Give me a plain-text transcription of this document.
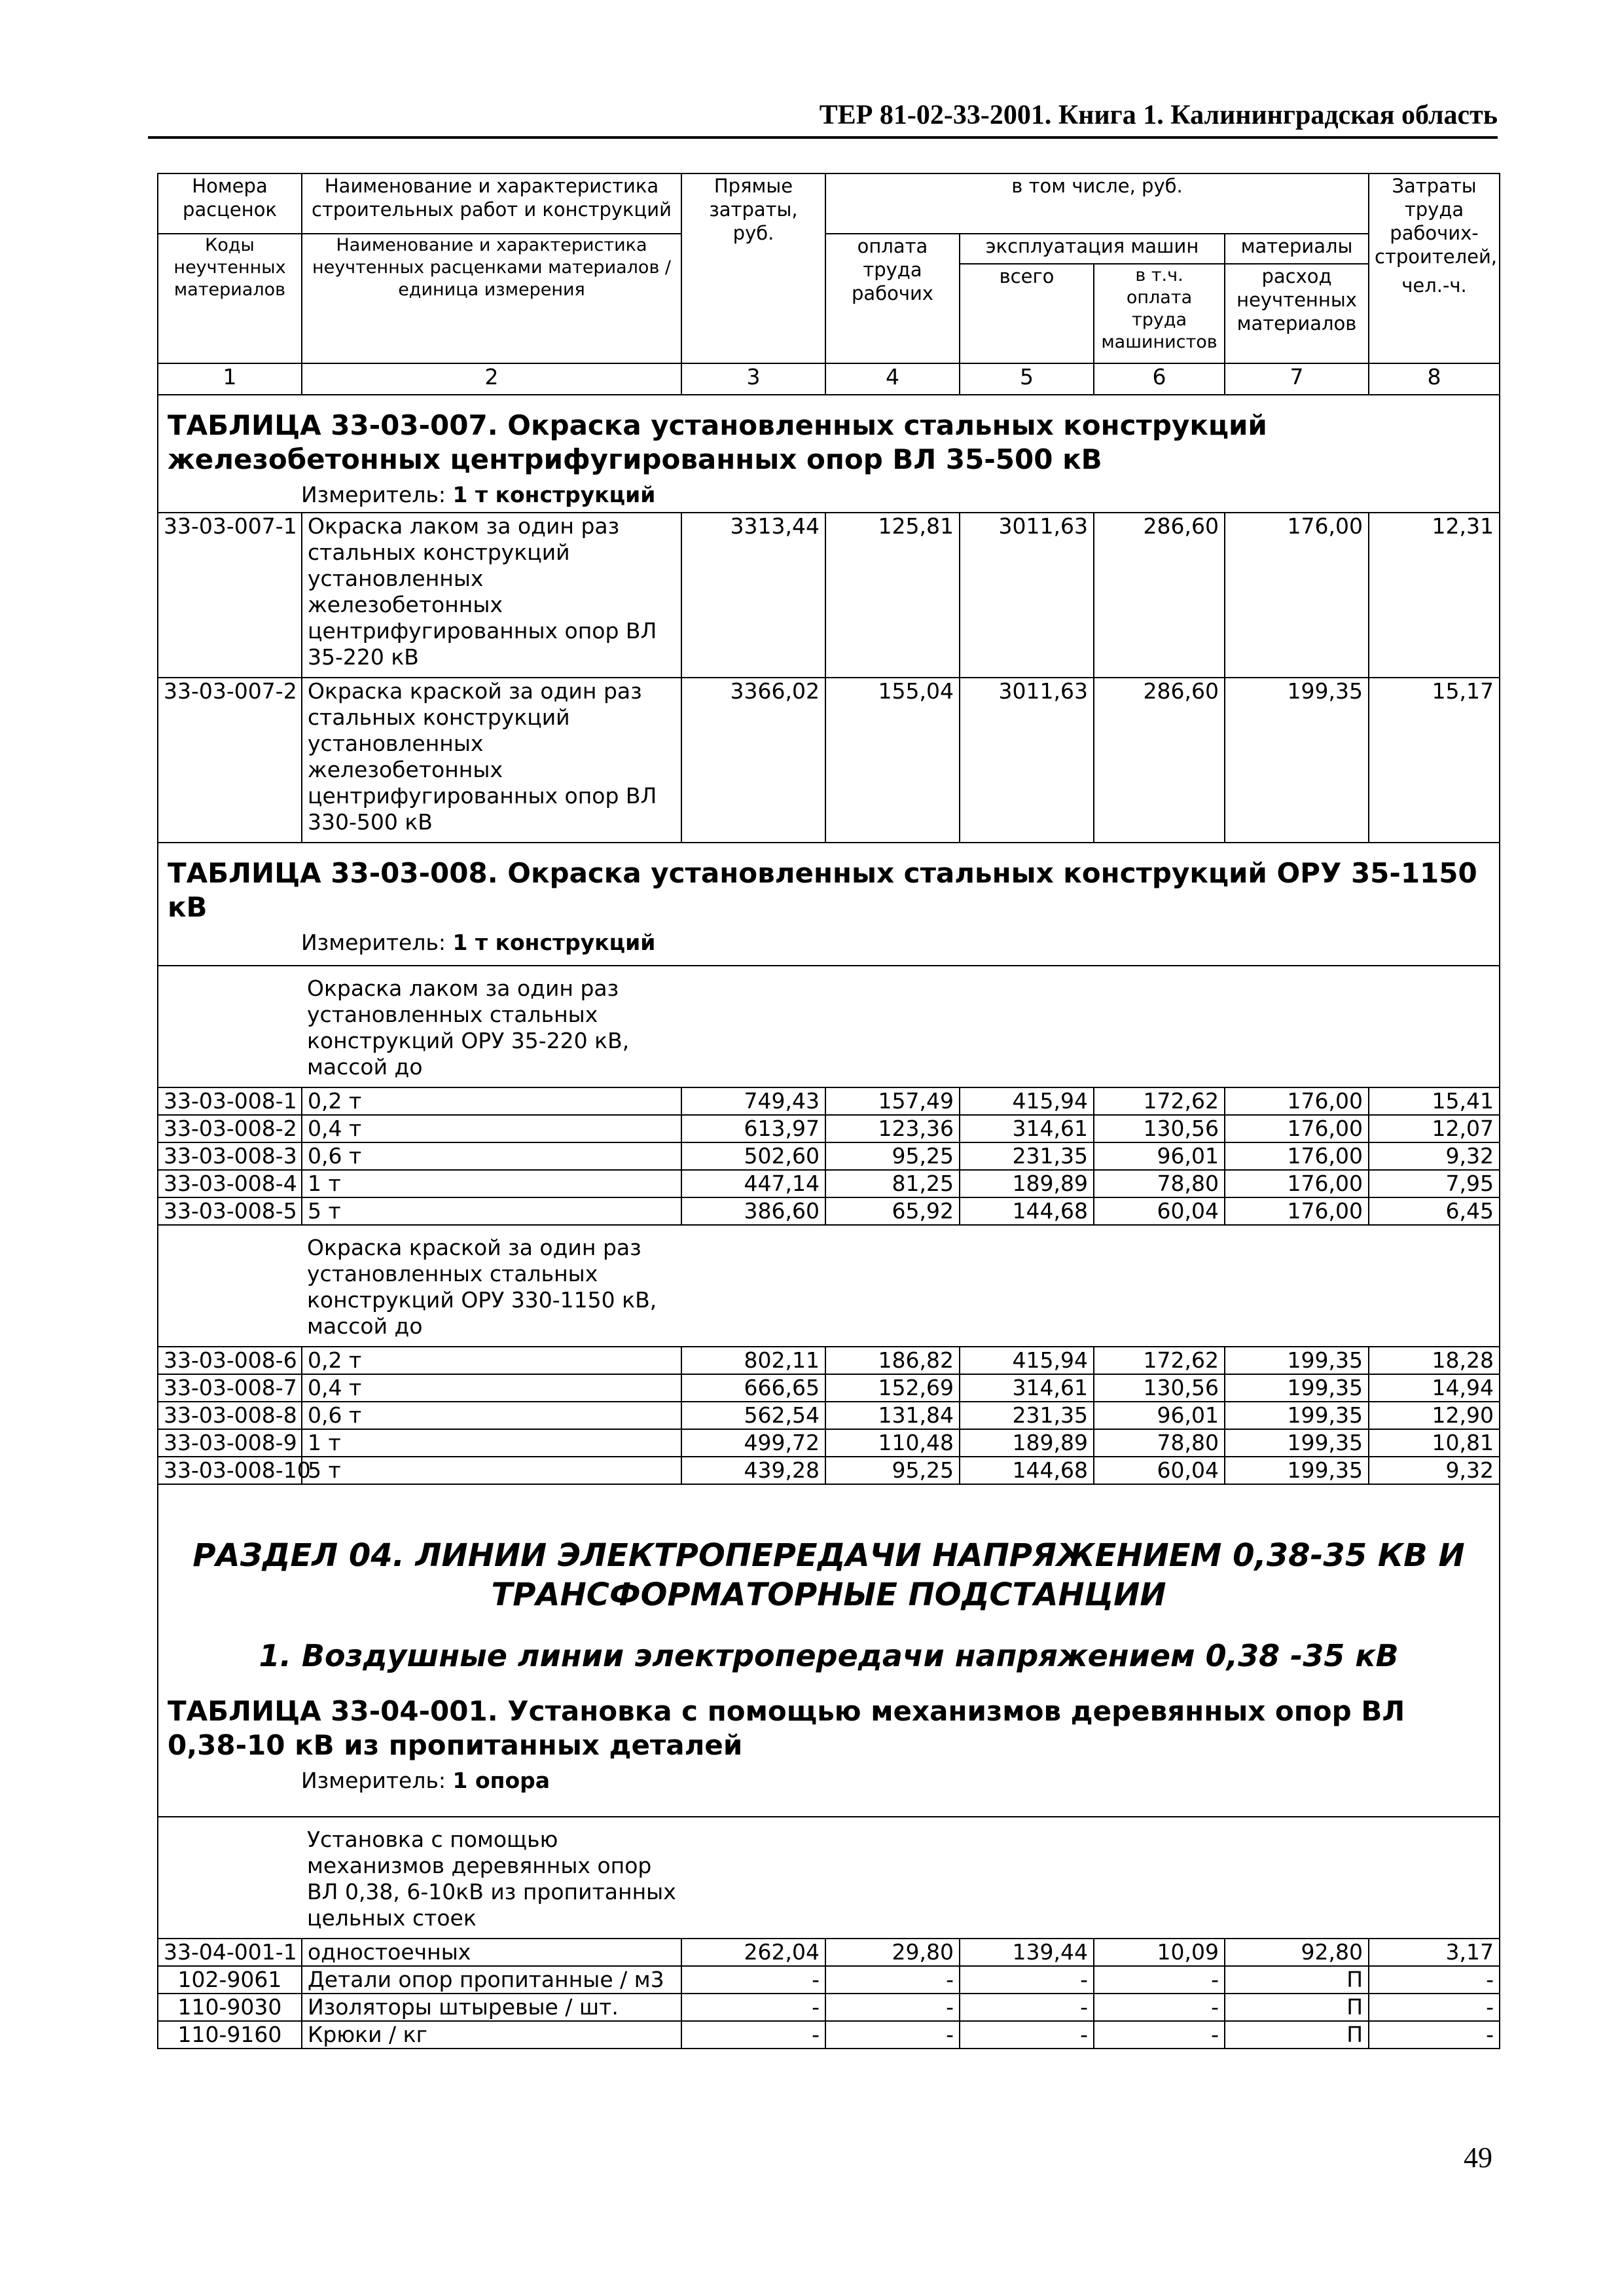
ТЕР 81-02-33-2001. Книга 1. Калининградская область
Номера расценок	Наименование и характеристика строительных работ и конструкций	Прямые затраты, руб.	в том числе, руб.				Затраты труда рабочих-строителей,
чел.-ч.

Коды неучтенных материалов	Наименование и характеристика неучтенных расценками материалов / единица измерения		оплата труда рабочих	эксплуатация машин		материалы	
				всего	в т.ч. оплата труда машинистов	расход неучтенных материалов	
1	2	3	4	5	6	7	8

ТАБЛИЦА 33-03-007. Окраска установленных стальных конструкций железобетонных центрифугированных опор ВЛ 35-500 кВ
Измеритель: 1 т конструкций							

33-03-007-1	Окраска лаком за один раз стальных конструкций установленных железобетонных центрифугированных опор ВЛ 35-220 кВ	3313,44	125,81	3011,63	286,60	176,00	12,31
33-03-007-2	Окраска краской за один раз стальных конструкций установленных железобетонных центрифугированных опор ВЛ 330-500 кВ	3366,02	155,04	3011,63	286,60	199,35	15,17

ТАБЛИЦА 33-03-008. Окраска установленных стальных конструкций ОРУ 35-1150 кВ
Измеритель: 1 т конструкций							

	Окраска лаком за один раз установленных стальных конструкций ОРУ 35-220 кВ, массой до						

33-03-008-1	0,2 т	749,43	157,49	415,94	172,62	176,00	15,41
33-03-008-2	0,4 т	613,97	123,36	314,61	130,56	176,00	12,07
33-03-008-3	0,6 т	502,60	95,25	231,35	96,01	176,00	9,32
33-03-008-4	1 т	447,14	81,25	189,89	78,80	176,00	7,95
33-03-008-5	5 т	386,60	65,92	144,68	60,04	176,00	6,45

	Окраска краской за один раз установленных стальных конструкций ОРУ 330-1150 кВ, массой до						

33-03-008-6	0,2 т	802,11	186,82	415,94	172,62	199,35	18,28
33-03-008-7	0,4 т	666,65	152,69	314,61	130,56	199,35	14,94
33-03-008-8	0,6 т	562,54	131,84	231,35	96,01	199,35	12,90
33-03-008-9	1 т	499,72	110,48	189,89	78,80	199,35	10,81
33-03-008-10	5 т	439,28	95,25	144,68	60,04	199,35	9,32

РАЗДЕЛ 04. ЛИНИИ ЭЛЕКТРОПЕРЕДАЧИ НАПРЯЖЕНИЕМ 0,38-35 КВ И ТРАНСФОРМАТОРНЫЕ ПОДСТАНЦИИ
1. Воздушные линии электропередачи напряжением 0,38 -35 кВ
ТАБЛИЦА 33-04-001. Установка с помощью механизмов деревянных опор ВЛ 0,38-10 кВ из пропитанных деталей
Измеритель: 1 опора							

	Установка с помощью механизмов деревянных опор ВЛ 0,38, 6-10кВ из пропитанных цельных стоек						

33-04-001-1	одностоечных	262,04	29,80	139,44	10,09	92,80	3,17
102-9061	Детали опор пропитанные / м3	-	-	-	-	П	-
110-9030	Изоляторы штыревые / шт.	-	-	-	-	П	-
110-9160	Крюки / кг	-	-	-	-	П	-
49
